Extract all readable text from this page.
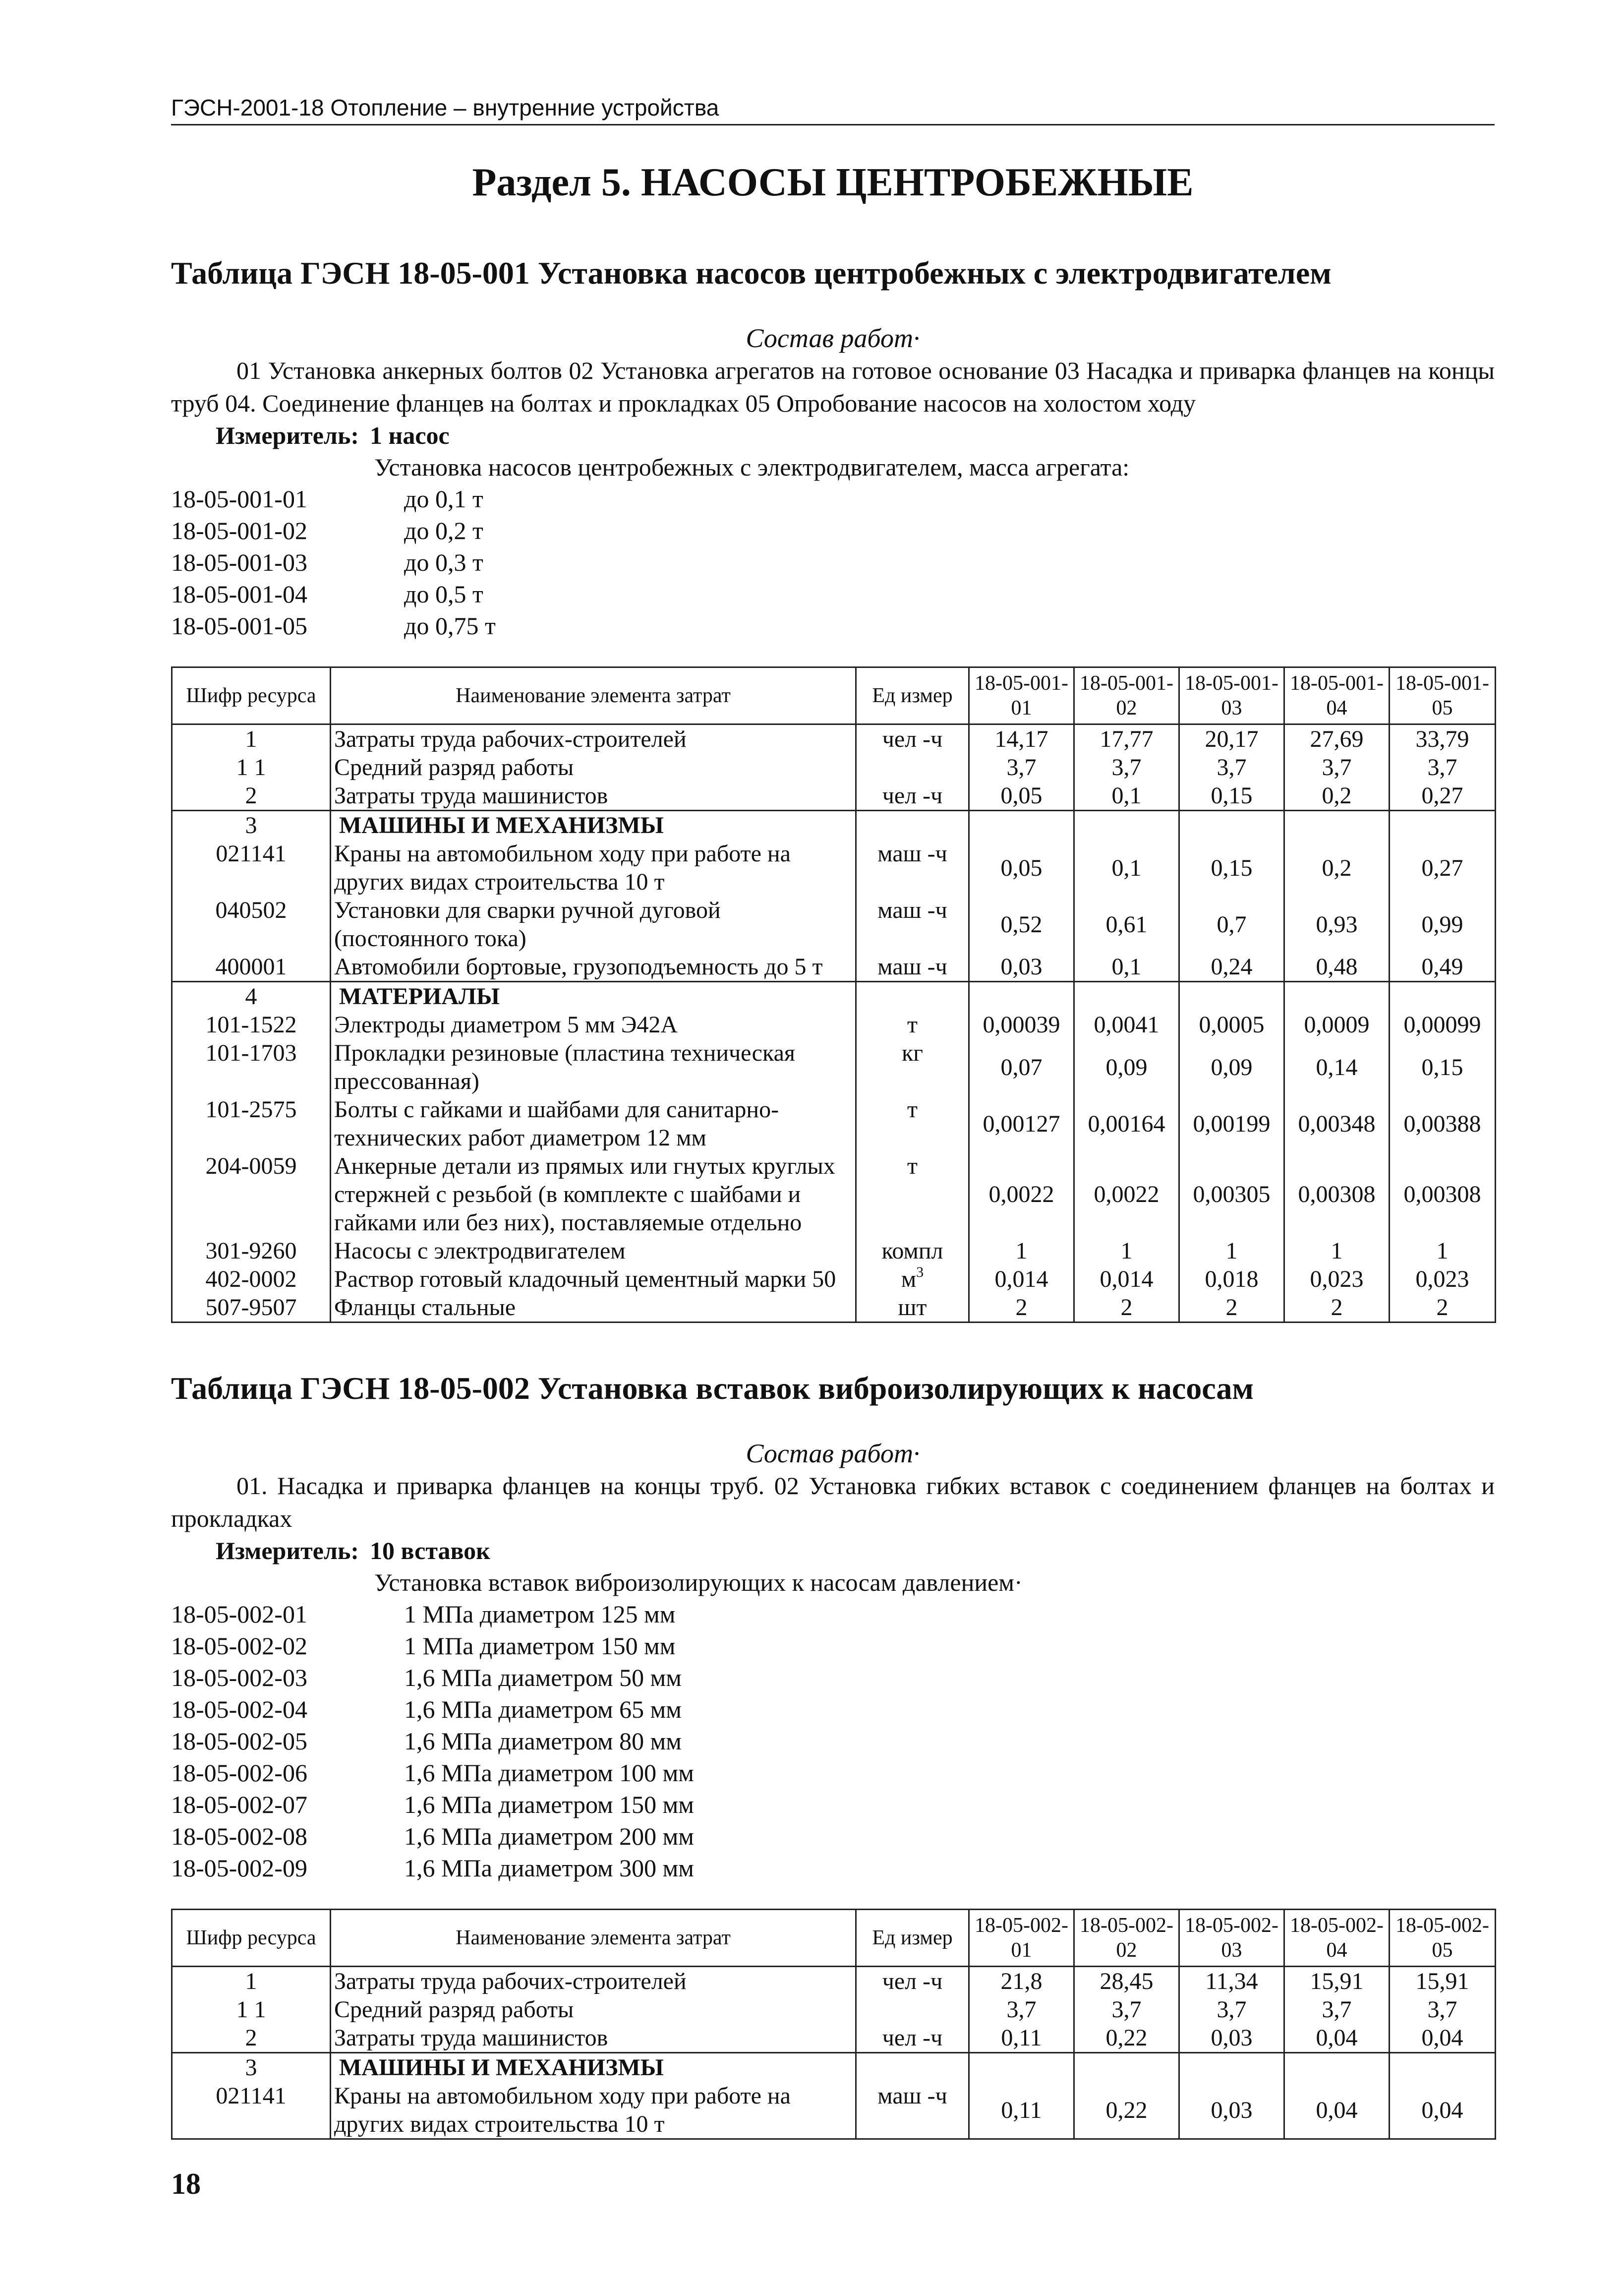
ГЭСН-2001-18 Отопление – внутренние устройства
Раздел 5. НАСОСЫ ЦЕНТРОБЕЖНЫЕ
Таблица ГЭСН 18-05-001 Установка насосов центробежных с электродвигателем
Состав работ·
01 Установка анкерных болтов 02 Установка агрегатов на готовое основание 03 Насадка и приварка фланцев на концы труб 04. Соединение фланцев на болтах и прокладках 05 Опробование насосов на холостом ходу
Измеритель: 1 насос
Установка насосов центробежных с электродвигателем, масса агрегата:
18-05-001-01	до 0,1 т
18-05-001-02	до 0,2 т
18-05-001-03	до 0,3 т
18-05-001-04	до 0,5 т
18-05-001-05	до 0,75 т
Шифр ресурса	Наименование элемента затрат	Ед измер	18-05-001-01	18-05-001-02	18-05-001-03	18-05-001-04	18-05-001-05
1	Затраты труда рабочих-строителей	чел -ч	14,17	17,77	20,17	27,69	33,79
1 1	Средний разряд работы		3,7	3,7	3,7	3,7	3,7
2	Затраты труда машинистов	чел -ч	0,05	0,1	0,15	0,2	0,27
3	МАШИНЫ И МЕХАНИЗМЫ						
021141	Краны на автомобильном ходу при работе на других видах строительства 10 т	маш -ч	0,05	0,1	0,15	0,2	0,27
040502	Установки для сварки ручной дуговой (постоянного тока)	маш -ч	0,52	0,61	0,7	0,93	0,99
400001	Автомобили бортовые, грузоподъемность до 5 т	маш -ч	0,03	0,1	0,24	0,48	0,49
4	МАТЕРИАЛЫ						
101-1522	Электроды диаметром 5 мм Э42А	т	0,00039	0,0041	0,0005	0,0009	0,00099
101-1703	Прокладки резиновые (пластина техническая прессованная)	кг	0,07	0,09	0,09	0,14	0,15
101-2575	Болты с гайками и шайбами для санитарно-технических работ диаметром 12 мм	т	0,00127	0,00164	0,00199	0,00348	0,00388
204-0059	Анкерные детали из прямых или гнутых круглых стержней с резьбой (в комплекте с шайбами и гайками или без них), поставляемые отдельно	т	0,0022	0,0022	0,00305	0,00308	0,00308
301-9260	Насосы с электродвигателем	компл	1	1	1	1	1
402-0002	Раствор готовый кладочный цементный марки 50	$м^3$	0,014	0,014	0,018	0,023	0,023
507-9507	Фланцы стальные	шт	2	2	2	2	2
Таблица ГЭСН 18-05-002 Установка вставок виброизолирующих к насосам
Состав работ·
01. Насадка и приварка фланцев на концы труб. 02 Установка гибких вставок с соединением фланцев на болтах и прокладках
Измеритель: 10 вставок
Установка вставок виброизолирующих к насосам давлением·
18-05-002-01	1 МПа диаметром 125 мм
18-05-002-02	1 МПа диаметром 150 мм
18-05-002-03	1,6 МПа диаметром 50 мм
18-05-002-04	1,6 МПа диаметром 65 мм
18-05-002-05	1,6 МПа диаметром 80 мм
18-05-002-06	1,6 МПа диаметром 100 мм
18-05-002-07	1,6 МПа диаметром 150 мм
18-05-002-08	1,6 МПа диаметром 200 мм
18-05-002-09	1,6 МПа диаметром 300 мм
Шифр ресурса	Наименование элемента затрат	Ед измер	18-05-002-01	18-05-002-02	18-05-002-03	18-05-002-04	18-05-002-05
1	Затраты труда рабочих-строителей	чел -ч	21,8	28,45	11,34	15,91	15,91
1 1	Средний разряд работы		3,7	3,7	3,7	3,7	3,7
2	Затраты труда машинистов	чел -ч	0,11	0,22	0,03	0,04	0,04
3	МАШИНЫ И МЕХАНИЗМЫ						
021141	Краны на автомобильном ходу при работе на других видах строительства 10 т	маш -ч	0,11	0,22	0,03	0,04	0,04
18
